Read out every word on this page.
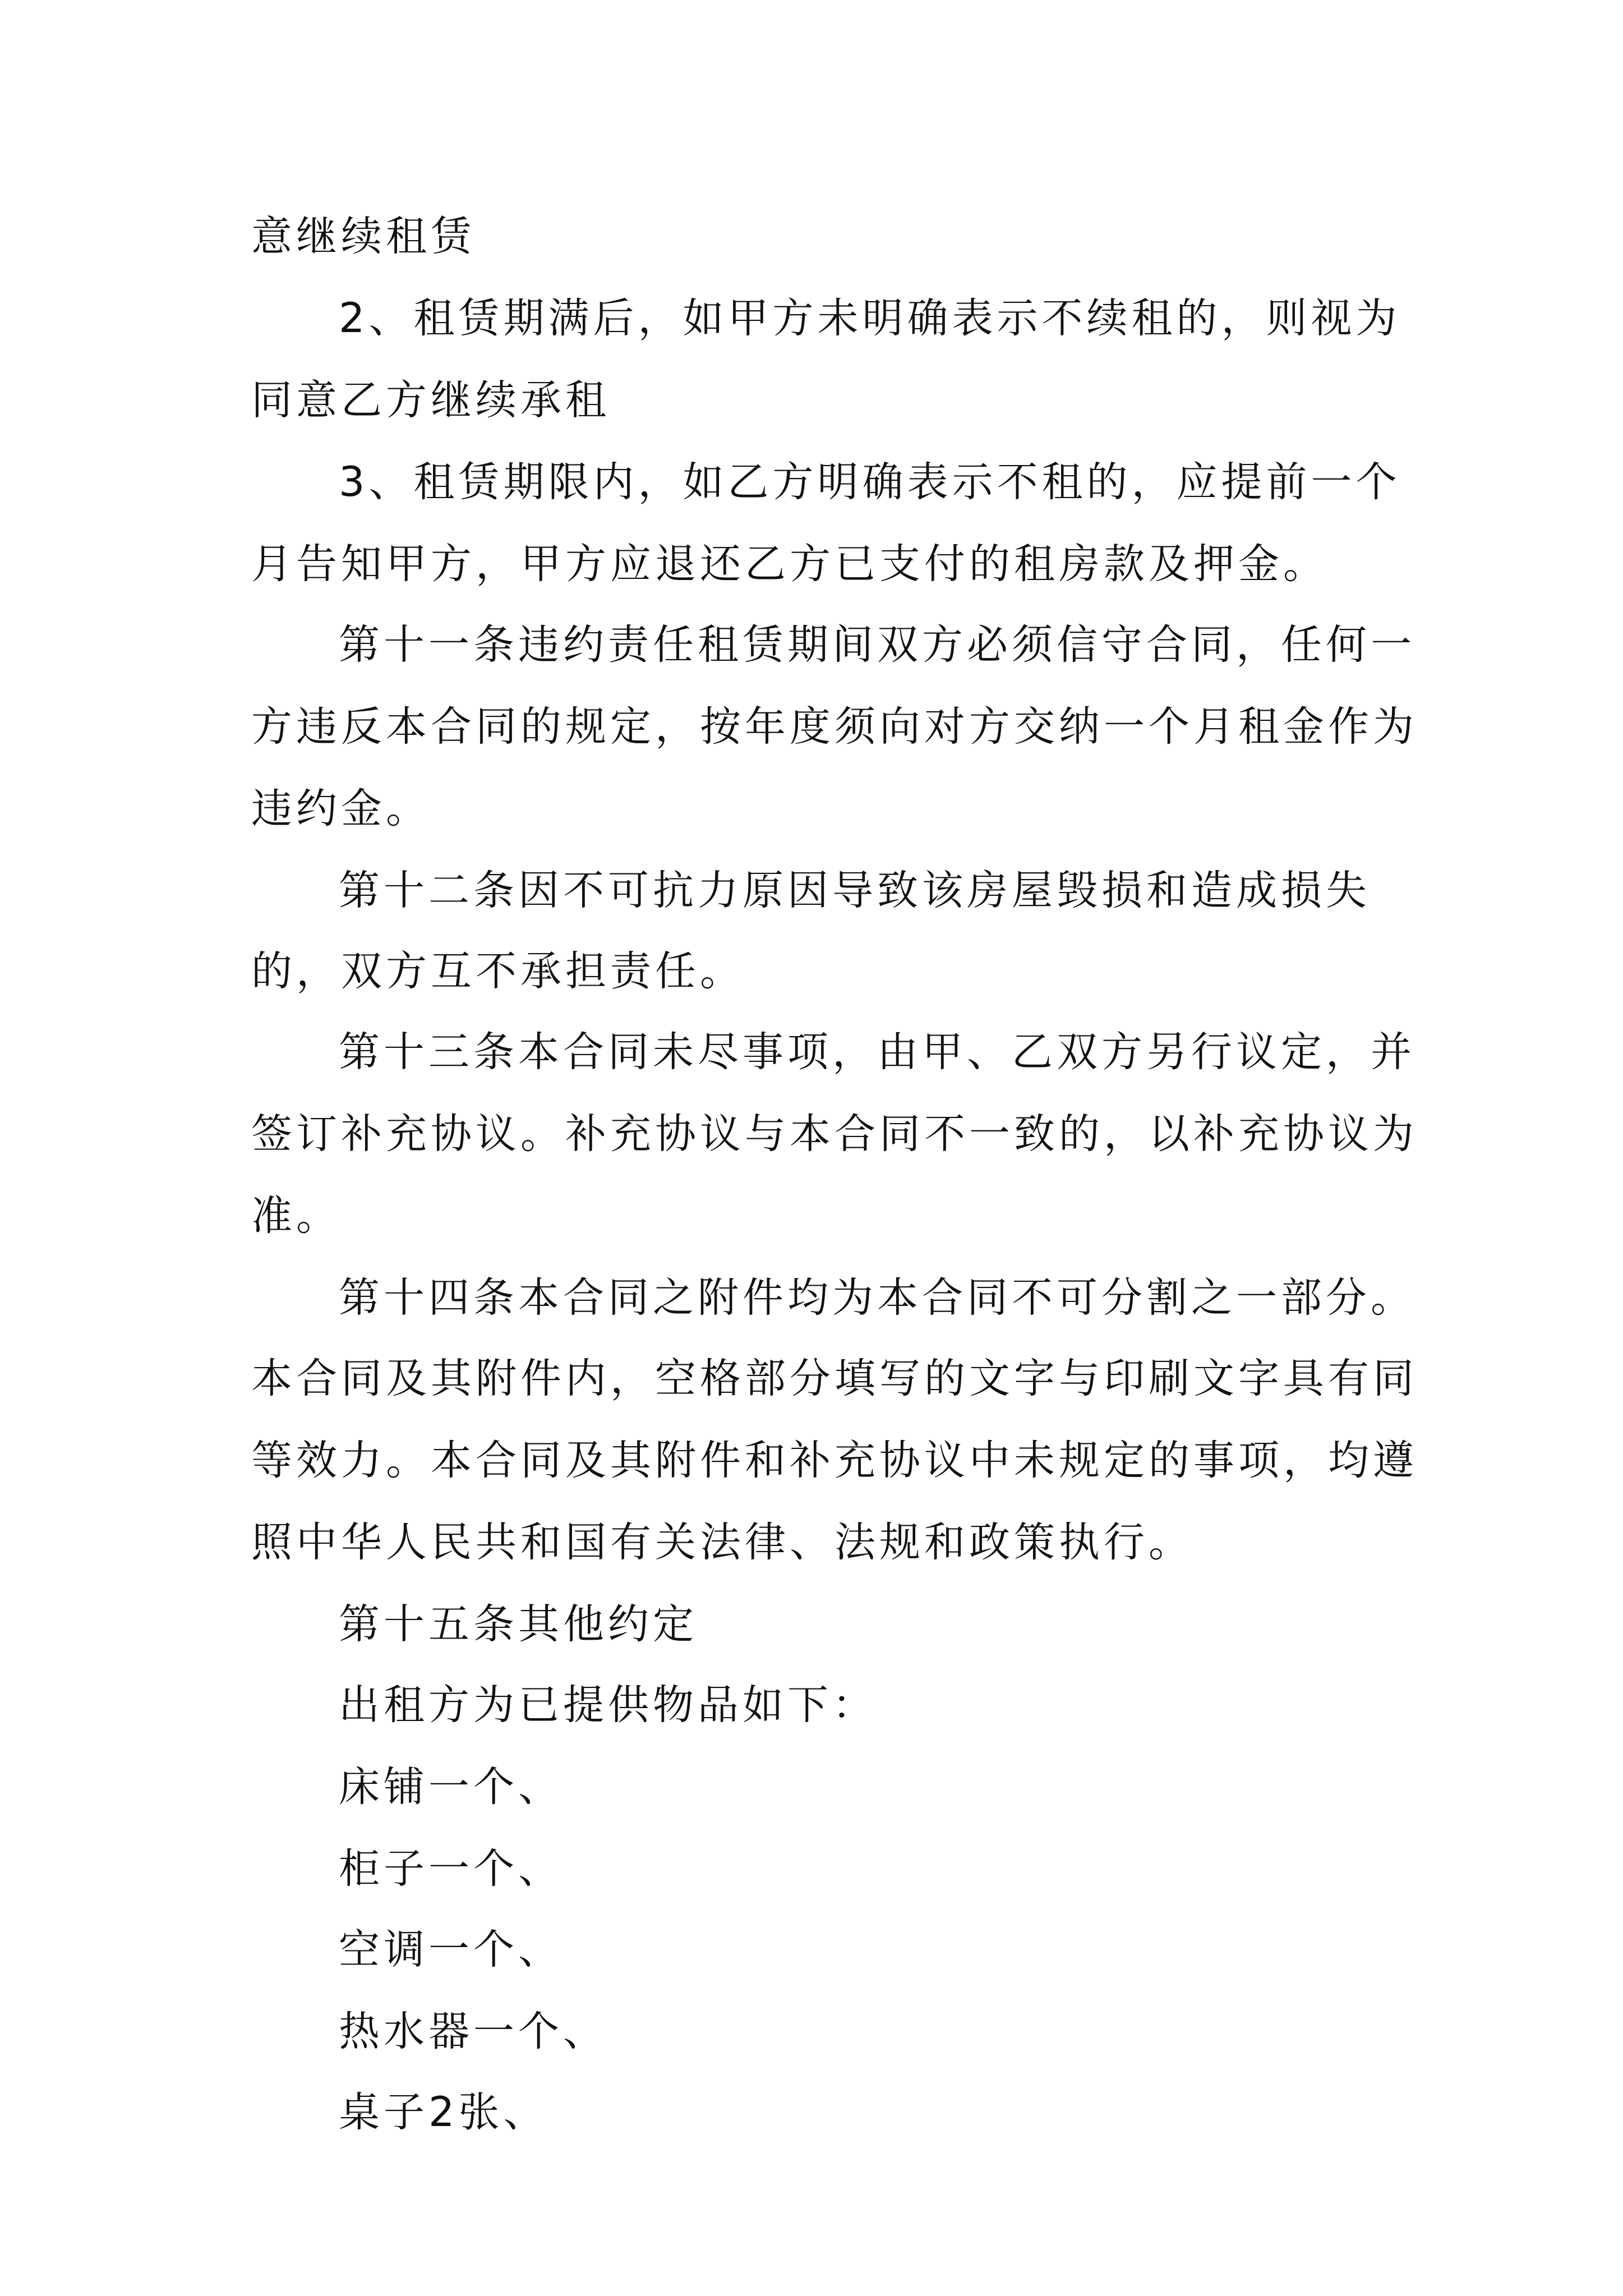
意继续租赁
2、租赁期满后，如甲方未明确表示不续租的，则视为
同意乙方继续承租
3、租赁期限内，如乙方明确表示不租的，应提前一个
月告知甲方，甲方应退还乙方已支付的租房款及押金。
第十一条违约责任租赁期间双方必须信守合同，任何一
方违反本合同的规定，按年度须向对方交纳一个月租金作为
违约金。
第十二条因不可抗力原因导致该房屋毁损和造成损失
的，双方互不承担责任。
第十三条本合同未尽事项，由甲、乙双方另行议定，并
签订补充协议。补充协议与本合同不一致的，以补充协议为
准。
第十四条本合同之附件均为本合同不可分割之一部分。
本合同及其附件内，空格部分填写的文字与印刷文字具有同
等效力。本合同及其附件和补充协议中未规定的事项，均遵
照中华人民共和国有关法律、法规和政策执行。
第十五条其他约定
出租方为已提供物品如下：
床铺一个、
柜子一个、
空调一个、
热水器一个、
桌子2张、
